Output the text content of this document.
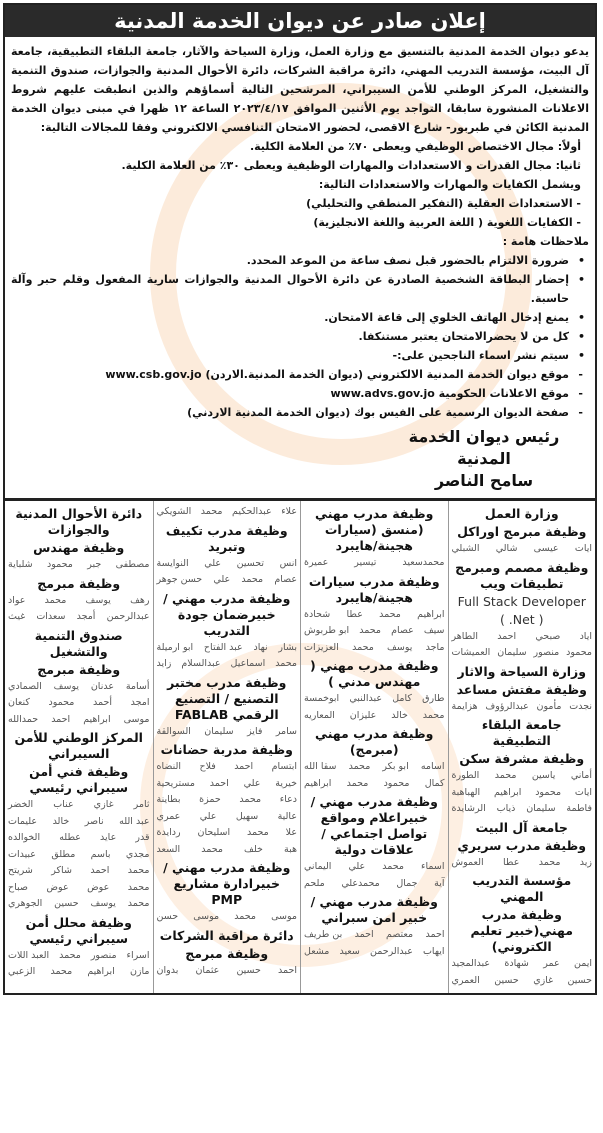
إعلان صادر عن ديوان الخدمة المدنية

يدعو ديوان الخدمة المدنية بالتنسيق مع وزارة العمل، وزارة السياحة والآثار، جامعة البلقاء التطبيقية، جامعة آل البيت، مؤسسة التدريب المهني، دائرة مراقبة الشركات، دائرة الأحوال المدنية والجوازات، صندوق التنمية والتشغيل، المركز الوطني للأمن السيبراني، المرشحين التالية أسماؤهم والذين انطبقت عليهم شروط الاعلانات المنشورة سابقا، التواجد يوم الأثنين الموافق ٢٠٢٣/٤/١٧ الساعة ١٢ ظهرا في مبنى ديوان الخدمة المدنية الكائن في طبربور- شارع الاقصى، لحضور الامتحان التنافسي الالكتروني وفقا للمجالات التالية:

أولاً: مجال الاختصاص الوظيفي ويعطى ٧٠٪ من العلامة الكلية.

ثانيا: مجال القدرات و الاستعدادات والمهارات الوظيفية ويعطى ٣٠٪ من العلامة الكلية.

ويشمل الكفايات والمهارات والاستعدادات التالية:

- الاستعدادات العقلية (التفكير المنطقي والتحليلي)

- الكفايات اللغوية ( اللغة العربية واللغة الانجليزية)

ملاحظات هامة :

• ضرورة الالتزام بالحضور قبل نصف ساعة من الموعد المحدد.

• إحضار البطاقة الشخصية الصادرة عن دائرة الأحوال المدنية والجوازات سارية المفعول وقلم حبر وآلة حاسبة.

• يمنع إدخال الهاتف الخلوي إلى قاعة الامتحان.

• كل من لا يحضرالامتحان يعتبر مستنكفا.

• سيتم نشر اسماء الناجحين على:-

- موقع ديوان الخدمة المدنية الالكتروني (ديوان الخدمة المدنية.الاردن) www.csb.gov.jo

- موقع الاعلانات الحكومية www.advs.gov.jo

- صفحة الديوان الرسمية على الفيس بوك (ديوان الخدمة المدنية الاردني)

رئيس ديوان الخدمة المدنية
سامح الناصر
وزارة العمل
وظيفة مبرمج اوراكل
ايات
عيسى
شالي
الشبلي
وظيفة مصمم ومبرمج تطبيقات ويب
Full Stack Developer
( .Net )
اياد
صبحي
احمد
الطاهر
محمود
منصور
سليمان
العميشات
وزارة السياحة والاثار
وظيفة مفتش مساعد
نجدت
مأمون
عبدالرؤوف
هزايمة
جامعة البلقاء التطبيقية
وظيفة مشرفة سكن
أماني
ياسين
محمد
الطورة
ايات
محمود
ابراهيم
الهباهبة
فاطمة
سليمان
ذياب
الرشايدة
جامعة آل البيت
وظيفة مدرب سريري
زيد
محمد
عطا
العموش
مؤسسة التدريب المهني
وظيفة مدرب مهني(خبير تعليم الكتروني)
ايمن
عمر
شهادة
عبدالمجيد
حسين
غازي
حسين
العمري
وظيفة مدرب مهني (منسق (سيارات هجينة/هايبرد
محمدسعيد
تيسير
عميرة
وظيفة مدرب سيارات هجينة/هايبرد
ابراهيم
محمد
عطا
شحادة
سيف
عصام
محمد
ابو طربوش
ماجد
يوسف
محمد
العزيزات
وظيفة مدرب مهني ( مهندس مدني )
طارق
كامل
عبدالنبي
ابوخمسة
محمد
خالد
عليزان
المعاريه
وظيفة مدرب مهني (مبرمج)
اسامه
ابو بكر
محمد
سقا الله
كمال
محمود
محمد
ابراهيم
وظيفة مدرب مهني / خبيراعلام ومواقع تواصل اجتماعي /علاقات دولية
اسماء
محمد
علي
اليماني
آية
جمال
محمدعلي
ملحم
وظيفة مدرب مهني / خبير امن سبراني
احمد
معتصم
احمد
بن طريف
ايهاب
عبدالرحمن
سعيد
مشعل
علاء
عبدالحكيم
محمد
الشويكي
وظيفة مدرب تكييف وتبريد
انس
تحسين
علي
النوايسة
عصام
محمد
علي
حسن جوهر
وظيفة مدرب مهني /خبيرضمان جودة التدريب
بشار
نهاد
عبد الفتاح
ابو ارميلة
محمد
اسماعيل
عبدالسلام
زايد
وظيفة مدرب مختبر التصنيع / التصنيع الرقمي FABLAB
سامر
فايز
سليمان
السوالقة
وظيفة مدربة حضانات
ابتسام
احمد
فلاح
النضاه
خيرية
علي
احمد
مستريحية
دعاء
محمد
حمزة
بطاينة
عالية
سهيل
علي
عمري
علا
محمد
اسليحان
ردايدة
هبة
خلف
محمد
السعد
وظيفة مدرب مهني /خبيرادارة مشاريع PMP
موسى
محمد
موسى
حسن
دائرة مراقبة الشركات
وظيفة مبرمج
احمد
حسين
عثمان
بدوان
دائرة الأحوال المدنية والجوازات
وظيفة مهندس
مصطفى
جبر
محمود
شلباية
وظيفة مبرمج
رهف
يوسف
محمد
عواد
عبدالرحمن
أمجد
سعدات
غيث
صندوق التنمية والتشغيل
وظيفة مبرمج
أسامة
عدنان
يوسف
الصمادي
امجد
أحمد
محمود
كنعان
موسى
ابراهيم
احمد
حمدالله
المركز الوطني للأمن السيبراني
وظيفة فني أمن سيبراني رئيسي
ثامر
غازي
عناب
الخضر
عبد الله
ناصر
خالد
عليمات
قدر
عايد
عطله
الخوالده
مجدي
باسم
مطلق
عبيدات
محمد
احمد
شاكر
شريتح
محمد
عوض
عوض
صباح
محمد
يوسف
حسين
الجوهري
وظيفة محلل أمن سيبراني رئيسي
اسراء
منصور
محمد
العبد اللات
مازن
ابراهيم
محمد
الزعبي
